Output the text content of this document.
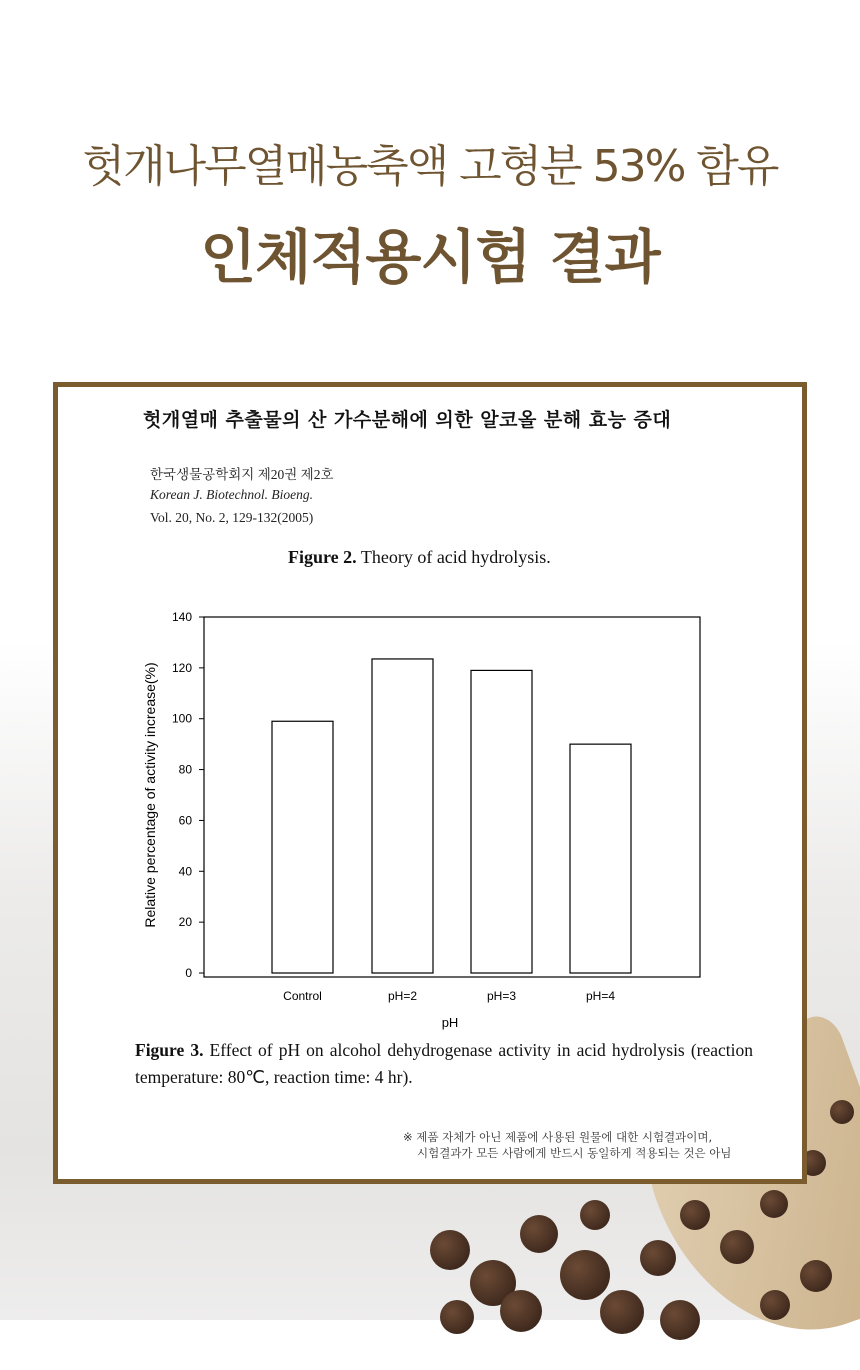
헛개나무열매농축액 고형분 53% 함유
인체적용시험 결과
헛개열매 추출물의 산 가수분해에 의한 알코올 분해 효능 증대
한국생물공학회지 제20권 제2호
Korean J. Biotechnol. Bioeng.
Vol. 20, No. 2, 129-132(2005)
Figure 2. Theory of acid hydrolysis.
0
20
40
60
80
100
120
140
Control	pH=2	pH=3	pH=4
pH
Relative percentage of activity increase(%)
Figure 3. Effect of pH on alcohol dehydrogenase activity in acid hydrolysis (reaction temperature: 80℃, reaction time: 4 hr).
※ 제품 자체가 아닌 제품에 사용된 원물에 대한 시험결과이며,
시험결과가 모든 사람에게 반드시 동일하게 적용되는 것은 아님
